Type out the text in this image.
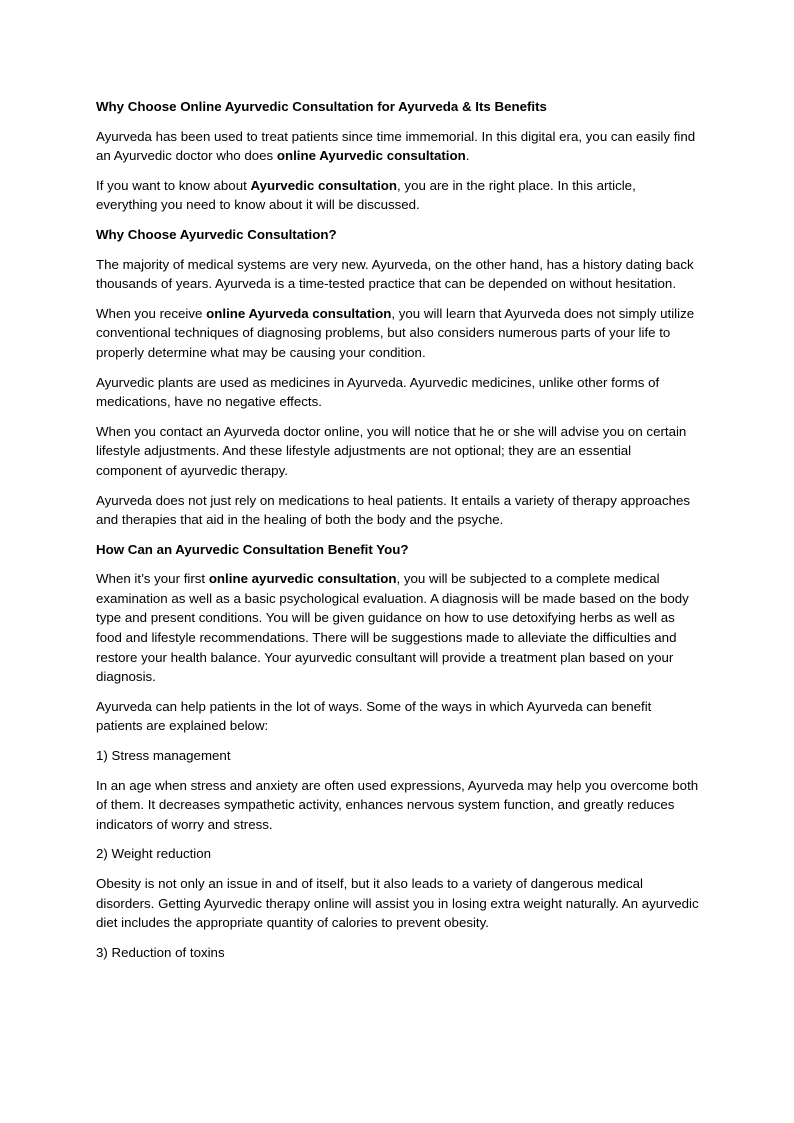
Why Choose Online Ayurvedic Consultation for Ayurveda & Its Benefits

Ayurveda has been used to treat patients since time immemorial. In this digital era, you can easily find an Ayurvedic doctor who does online Ayurvedic consultation.

If you want to know about Ayurvedic consultation, you are in the right place. In this article, everything you need to know about it will be discussed.

Why Choose Ayurvedic Consultation?

The majority of medical systems are very new. Ayurveda, on the other hand, has a history dating back thousands of years. Ayurveda is a time-tested practice that can be depended on without hesitation.

When you receive online Ayurveda consultation, you will learn that Ayurveda does not simply utilize conventional techniques of diagnosing problems, but also considers numerous parts of your life to properly determine what may be causing your condition.

Ayurvedic plants are used as medicines in Ayurveda. Ayurvedic medicines, unlike other forms of medications, have no negative effects.

When you contact an Ayurveda doctor online, you will notice that he or she will advise you on certain lifestyle adjustments. And these lifestyle adjustments are not optional; they are an essential component of ayurvedic therapy.

Ayurveda does not just rely on medications to heal patients. It entails a variety of therapy approaches and therapies that aid in the healing of both the body and the psyche.

How Can an Ayurvedic Consultation Benefit You?

When it’s your first online ayurvedic consultation, you will be subjected to a complete medical examination as well as a basic psychological evaluation. A diagnosis will be made based on the body type and present conditions. You will be given guidance on how to use detoxifying herbs as well as food and lifestyle recommendations. There will be suggestions made to alleviate the difficulties and restore your health balance. Your ayurvedic consultant will provide a treatment plan based on your diagnosis.

Ayurveda can help patients in the lot of ways. Some of the ways in which Ayurveda can benefit patients are explained below:

1) Stress management

In an age when stress and anxiety are often used expressions, Ayurveda may help you overcome both of them. It decreases sympathetic activity, enhances nervous system function, and greatly reduces indicators of worry and stress.

2) Weight reduction

Obesity is not only an issue in and of itself, but it also leads to a variety of dangerous medical disorders. Getting Ayurvedic therapy online will assist you in losing extra weight naturally. An ayurvedic diet includes the appropriate quantity of calories to prevent obesity.

3) Reduction of toxins
